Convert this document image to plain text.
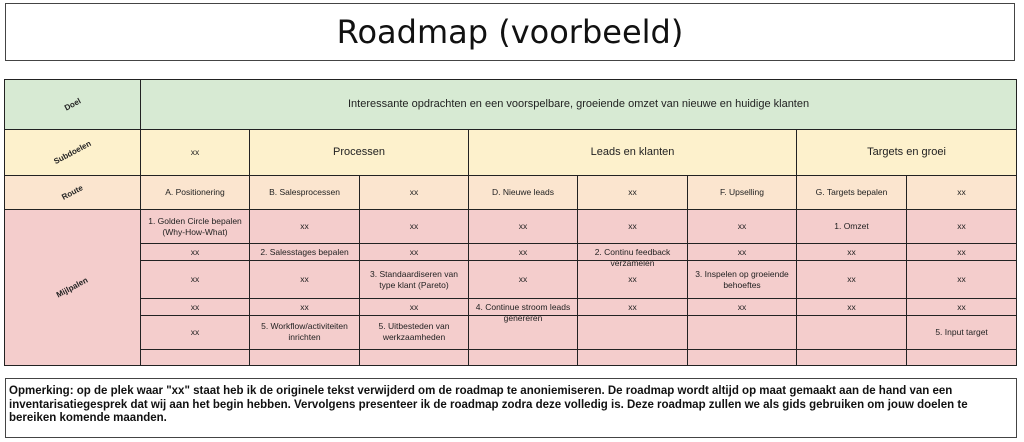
Roadmap (voorbeeld)
Doel	Interessante opdrachten en een voorspelbare, groeiende omzet van nieuwe en huidige klanten							
Subdoelen	xx	Processen		Leads en klanten			Targets en groei	
Route	A. Positionering	B. Salesprocessen	xx	D. Nieuwe leads	xx	F. Upselling	G. Targets bepalen	xx
Mijlpalen	1. Golden Circle bepalen (Why-How-What)	xx	xx	xx	xx	xx	1. Omzet	xx
	xx	2. Salesstages bepalen	xx	xx	2. Continu feedback verzamelen	xx	xx	xx
	xx	xx	3. Standaardiseren van type klant (Pareto)	xx	xx	3. Inspelen op groeiende behoeftes	xx	xx
	xx	xx	xx	4. Continue stroom leads genereren	xx	xx	xx	xx
	xx	5. Workflow/activiteiten inrichten	5. Uitbesteden van werkzaamheden					5. Input target

Opmerking: op de plek waar "xx" staat heb ik de originele tekst verwijderd om de roadmap te anoniemiseren. De roadmap wordt altijd op maat gemaakt aan de hand van een inventarisatiegesprek dat wij aan het begin hebben. Vervolgens presenteer ik de roadmap zodra deze volledig is. Deze roadmap zullen we als gids gebruiken om jouw doelen te bereiken komende maanden.
